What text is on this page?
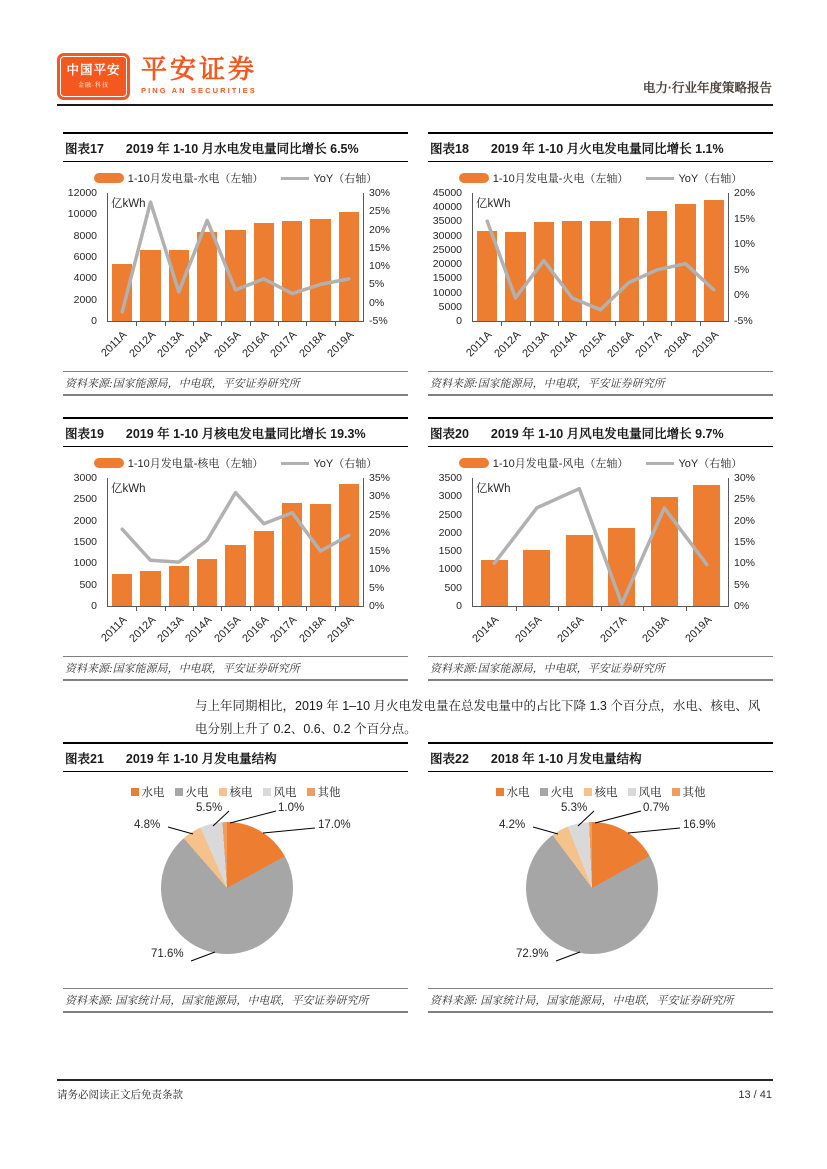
中国平安
金融·科技
平安证券
PING AN SECURITIES	电力·行业年度策略报告
图表17 2019 年 1-10 月水电发电量同比增长 6.5%
1-10月发电量-水电（左轴）	YoY（右轴）
亿kWh
0
2000
4000
6000
8000
10000
12000
-5%
0%
5%
10%
15%
20%
25%
30%
2011A
2012A
2013A
2014A
2015A
2016A
2017A
2018A
2019A
资料来源:国家能源局，中电联，平安证券研究所
图表18 2019 年 1-10 月火电发电量同比增长 1.1%
1-10月发电量-火电（左轴）	YoY（右轴）
亿kWh
0
5000
10000
15000
20000
25000
30000
35000
40000
45000
-5%
0%
5%
10%
15%
20%
2011A
2012A
2013A
2014A
2015A
2016A
2017A
2018A
2019A
资料来源:国家能源局，中电联，平安证券研究所
图表19 2019 年 1-10 月核电发电量同比增长 19.3%
1-10月发电量-核电（左轴）	YoY（右轴）
亿kWh
0
500
1000
1500
2000
2500
3000
0%
5%
10%
15%
20%
25%
30%
35%
2011A
2012A
2013A
2014A
2015A
2016A
2017A
2018A
2019A
资料来源:国家能源局，中电联，平安证券研究所
图表20 2019 年 1-10 月风电发电量同比增长 9.7%
1-10月发电量-风电（左轴）	YoY（右轴）
亿kWh
0
500
1000
1500
2000
2500
3000
3500
0%
5%
10%
15%
20%
25%
30%
2014A 2015A 2016A 2017A 2018A 2019A
资料来源:国家能源局，中电联，平安证券研究所

与上年同期相比，2019 年 1–10 月火电发电量在总发电量中的占比下降 1.3 个百分点，水电、核电、风电分别上升了 0.2、0.6、0.2 个百分点。

图表21 2019 年 1-10 月发电量结构
水电 火电 核电 风电 其他
17.0%
71.6%
4.8%
5.5%	1.0%
资料来源: 国家统计局，国家能源局，中电联，平安证券研究所
图表22 2018 年 1-10 月发电量结构
水电 火电 核电 风电 其他
16.9%
72.9%
4.2%
5.3%	0.7%
资料来源: 国家统计局，国家能源局，中电联，平安证券研究所
请务必阅读正文后免责条款	13 / 41
